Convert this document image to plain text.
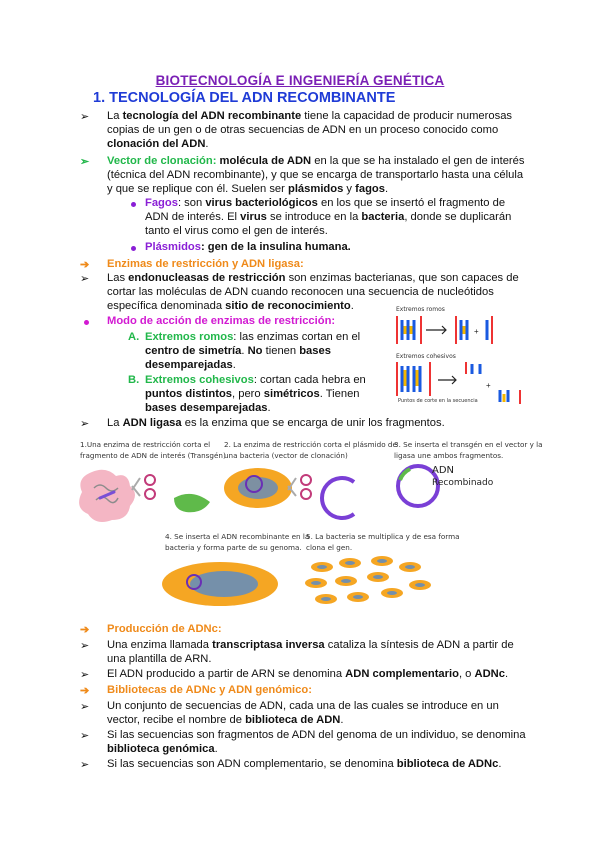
BIOTECNOLOGÍA E INGENIERÍA GENÉTICA
1. TECNOLOGÍA DEL ADN RECOMBINANTE
➢ La tecnología del ADN recombinante tiene la capacidad de producir numerosas
copias de un gen o de otras secuencias de ADN en un proceso conocido como
clonación del ADN.
➢ Vector de clonación: molécula de ADN en la que se ha instalado el gen de interés
(técnica del ADN recombinante), y que se encarga de transportarlo hasta una célula
y que se replique con él. Suelen ser plásmidos y fagos.
Fagos: son virus bacteriológicos en los que se insertó el fragmento de
ADN de interés. El virus se introduce en la bacteria, donde se duplicarán
tanto el virus como el gen de interés.
Plásmidos: gen de la insulina humana.
➔ Enzimas de restricción y ADN ligasa:
➢ Las endonucleasas de restricción son enzimas bacterianas, que son capaces de
cortar las moléculas de ADN cuando reconocen una secuencia de nucleótidos
específica denominada sitio de reconocimiento.
Modo de acción de enzimas de restricción:
A. Extremos romos: las enzimas cortan en el
centro de simetría. No tienen bases
desemparejadas.
B. Extremos cohesivos: cortan cada hebra en
puntos distintos, pero simétricos. Tienen
bases desemparejadas.
➢ La ADN ligasa es la enzima que se encarga de unir los fragmentos.
Extremos romos
+
Extremos cohesivos
+
Puntos de corte en la secuencia
1.Una enzima de restricción corta el
fragmento de ADN de interés (Transgén)
2. La enzima de restricción corta el plásmido de
una bacteria (vector de clonación)
3. Se inserta el transgén en el vector y la
ligasa une ambos fragmentos.
ADN
Recombinado
4. Se inserta el ADN recombinante en la
bacteria y forma parte de su genoma.
5. La bacteria se multiplica y de esa forma
clona el gen.
➔ Producción de ADNc:
➢ Una enzima llamada transcriptasa inversa cataliza la síntesis de ADN a partir de
una plantilla de ARN.
➢ El ADN producido a partir de ARN se denomina ADN complementario, o ADNc.
➔ Bibliotecas de ADNc y ADN genómico:
➢ Un conjunto de secuencias de ADN, cada una de las cuales se introduce en un
vector, recibe el nombre de biblioteca de ADN.
➢ Si las secuencias son fragmentos de ADN del genoma de un individuo, se denomina
biblioteca genómica.
➢ Si las secuencias son ADN complementario, se denomina biblioteca de ADNc.
